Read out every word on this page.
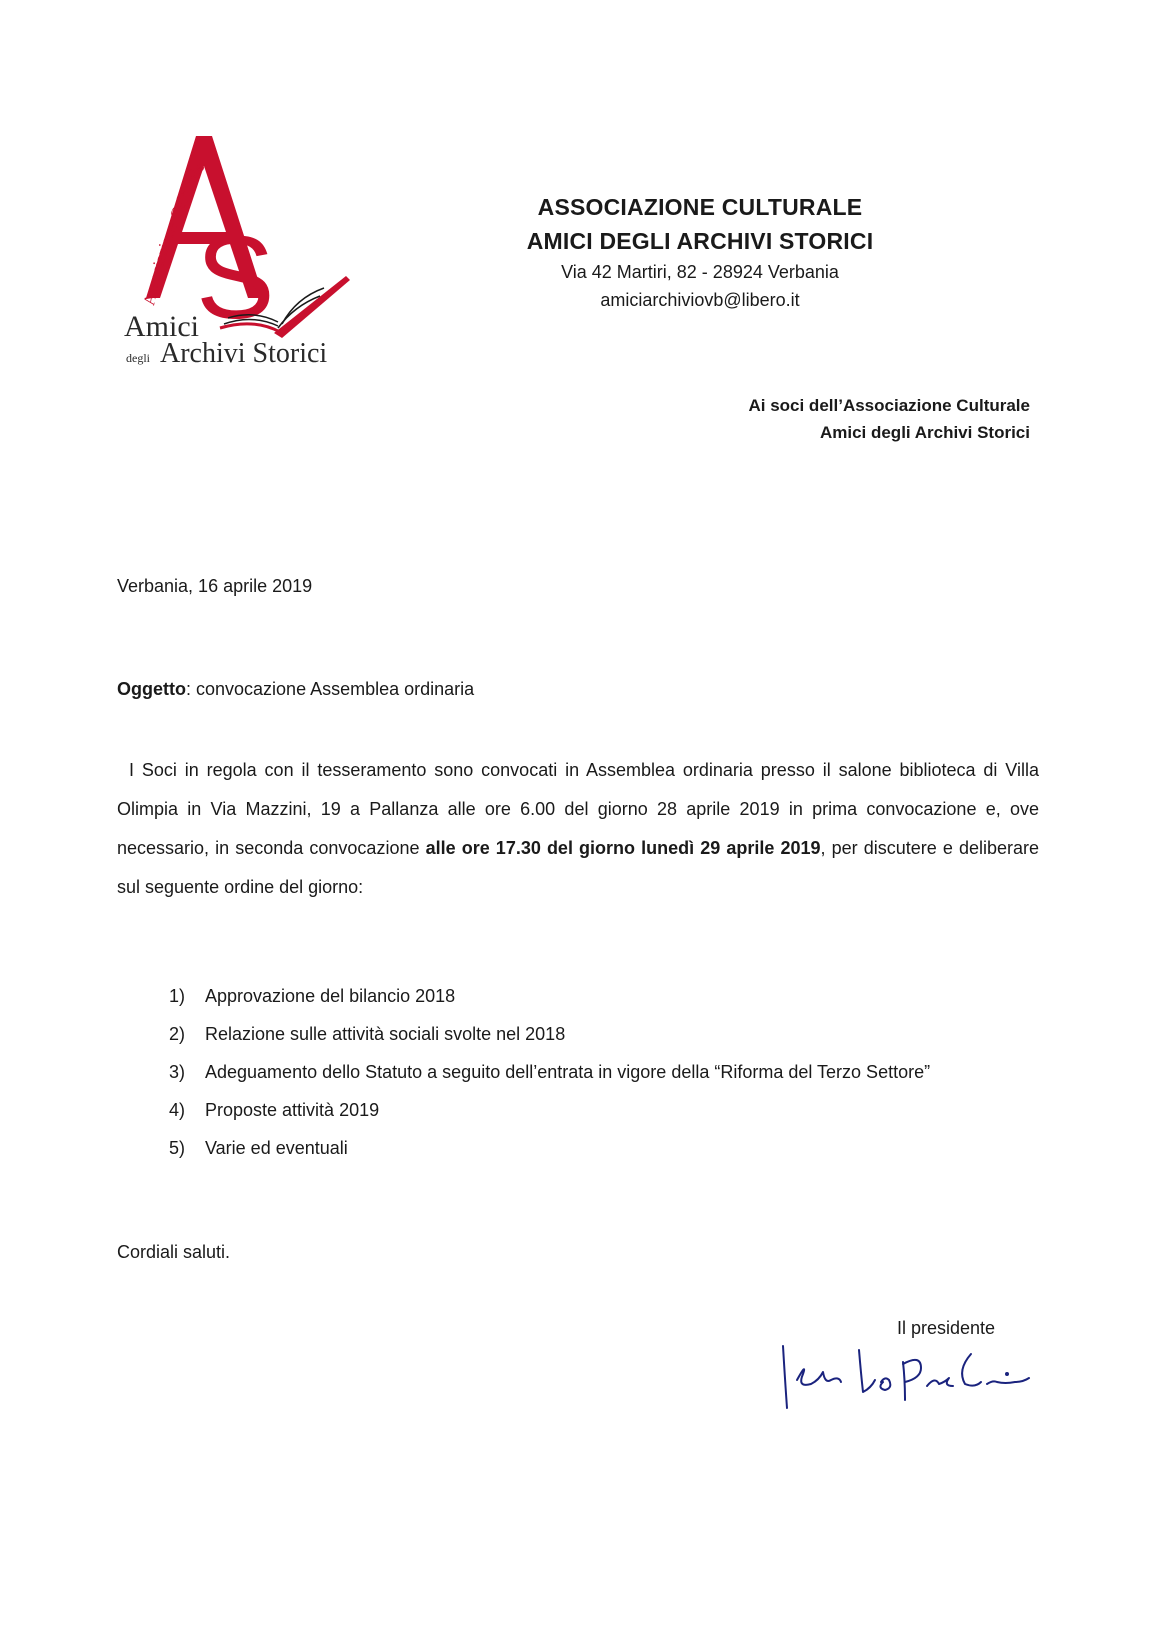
Associazione Culturale
S
Amici
degli Archivi Storici
ASSOCIAZIONE CULTURALE
AMICI DEGLI ARCHIVI STORICI
Via 42 Martiri, 82 - 28924 Verbania
amiciarchiviovb@libero.it
Ai soci dell’Associazione Culturale
Amici degli Archivi Storici
Verbania, 16 aprile 2019
Oggetto: convocazione Assemblea ordinaria
I Soci in regola con il tesseramento sono convocati in Assemblea ordinaria presso il salone biblioteca di Villa Olimpia in Via Mazzini, 19 a Pallanza alle ore 6.00 del giorno 28 aprile 2019 in prima convocazione e, ove necessario, in seconda convocazione alle ore 17.30 del giorno lunedì 29 aprile 2019, per discutere e deliberare sul seguente ordine del giorno:
1)	Approvazione del bilancio 2018
2)	Relazione sulle attività sociali svolte nel 2018
3)	Adeguamento dello Statuto a seguito dell’entrata in vigore della “Riforma del Terzo Settore”
4)	Proposte attività 2019
5)	Varie ed eventuali
Cordiali saluti.
Il presidente
